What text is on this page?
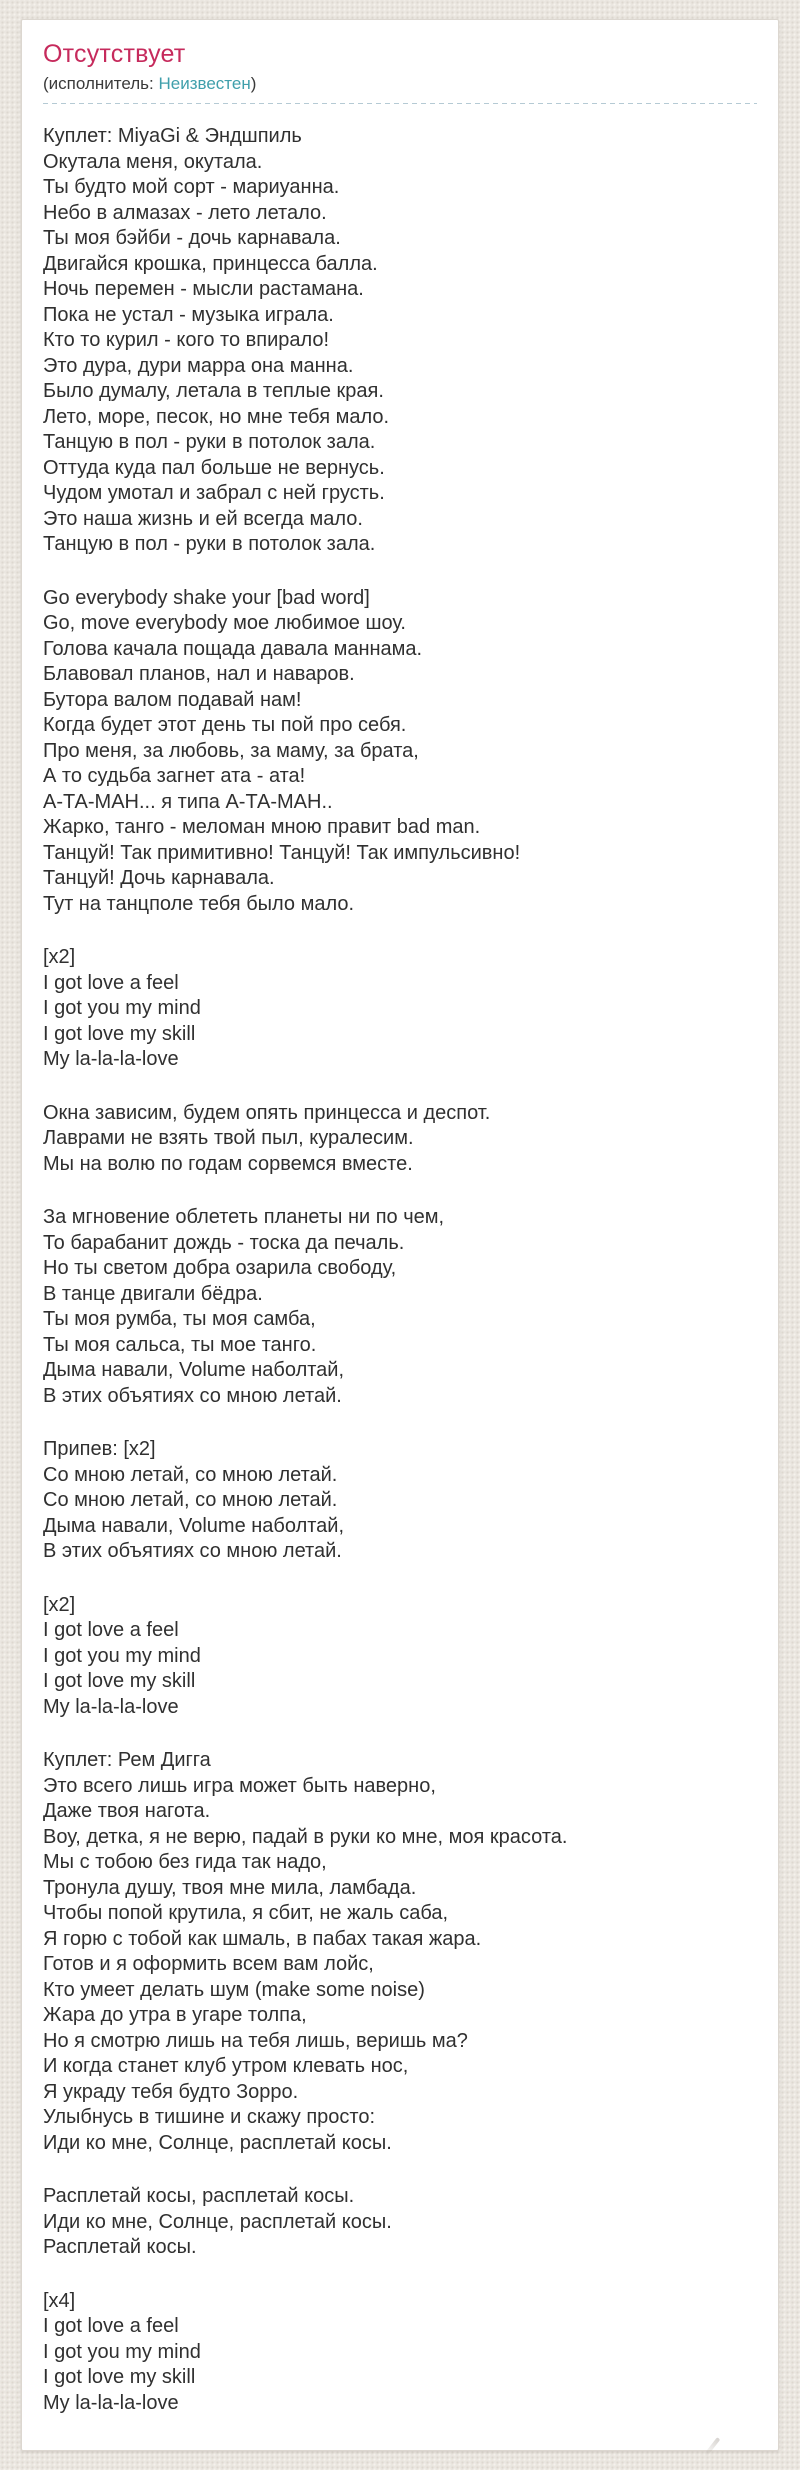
Отсутствует
(исполнитель: Неизвестен)

Куплет: MiyaGi & Эндшпиль
Окутала меня, окутала.
Ты будто мой сорт - мариуанна.
Небо в алмазах - лето летало.
Ты моя бэйби - дочь карнавала.
Двигайся крошка, принцесса балла.
Ночь перемен - мысли растамана.
Пока не устал - музыка играла.
Кто то курил - кого то впирало!
Это дура, дури марра она манна.
Было думалу, летала в теплые края.
Лето, море, песок, но мне тебя мало.
Танцую в пол - руки в потолок зала.
Оттуда куда пал больше не вернусь.
Чудом умотал и забрал с ней грусть.
Это наша жизнь и ей всегда мало.
Танцую в пол - руки в потолок зала.

Go everybody shake your [bad word]
Go, move everybody мое любимое шоу.
Голова качала пощада давала маннама.
Блавовал планов, нал и наваров.
Бутора валом подавай нам!
Когда будет этот день ты пой про себя.
Про меня, за любовь, за маму, за брата,
А то судьба загнет ата - ата!
А-ТА-МАН... я типа А-ТА-МАН..
Жарко, танго - меломан мною правит bad man.
Танцуй! Так примитивно! Танцуй! Так импульсивно!
Танцуй! Дочь карнавала.
Тут на танцполе тебя было мало.

[x2]
I got love a feel
I got you my mind
I got love my skill
My la-la-la-love

Окна зависим, будем опять принцесса и деспот.
Лаврами не взять твой пыл, куралесим.
Мы на волю по годам сорвемся вместе.

За мгновение облететь планеты ни по чем,
То барабанит дождь - тоска да печаль.
Но ты светом добра озарила свободу,
В танце двигали бёдра.
Ты моя румба, ты моя самба,
Ты моя сальса, ты мое танго.
Дыма навали, Volume наболтай,
В этих объятиях со мною летай.

Припев: [x2]
Со мною летай, со мною летай.
Со мною летай, со мною летай.
Дыма навали, Volume наболтай,
В этих объятиях со мною летай.

[x2]
I got love a feel
I got you my mind
I got love my skill
My la-la-la-love

Куплет: Рем Дигга
Это всего лишь игра может быть наверно,
Даже твоя нагота.
Воу, детка, я не верю, падай в руки ко мне, моя красота.
Мы с тобою без гида так надо,
Тронула душу, твоя мне мила, ламбада.
Чтобы попой крутила, я сбит, не жаль саба,
Я горю с тобой как шмаль, в пабах такая жара.
Готов и я оформить всем вам лойс,
Кто умеет делать шум (make some noise)
Жара до утра в угаре толпа,
Но я смотрю лишь на тебя лишь, веришь ма?
И когда станет клуб утром клевать нос,
Я украду тебя будто Зорро.
Улыбнусь в тишине и скажу просто:
Иди ко мне, Солнце, расплетай косы.

Расплетай косы, расплетай косы.
Иди ко мне, Солнце, расплетай косы.
Расплетай косы.

[x4]
I got love a feel
I got you my mind
I got love my skill
My la-la-la-love
